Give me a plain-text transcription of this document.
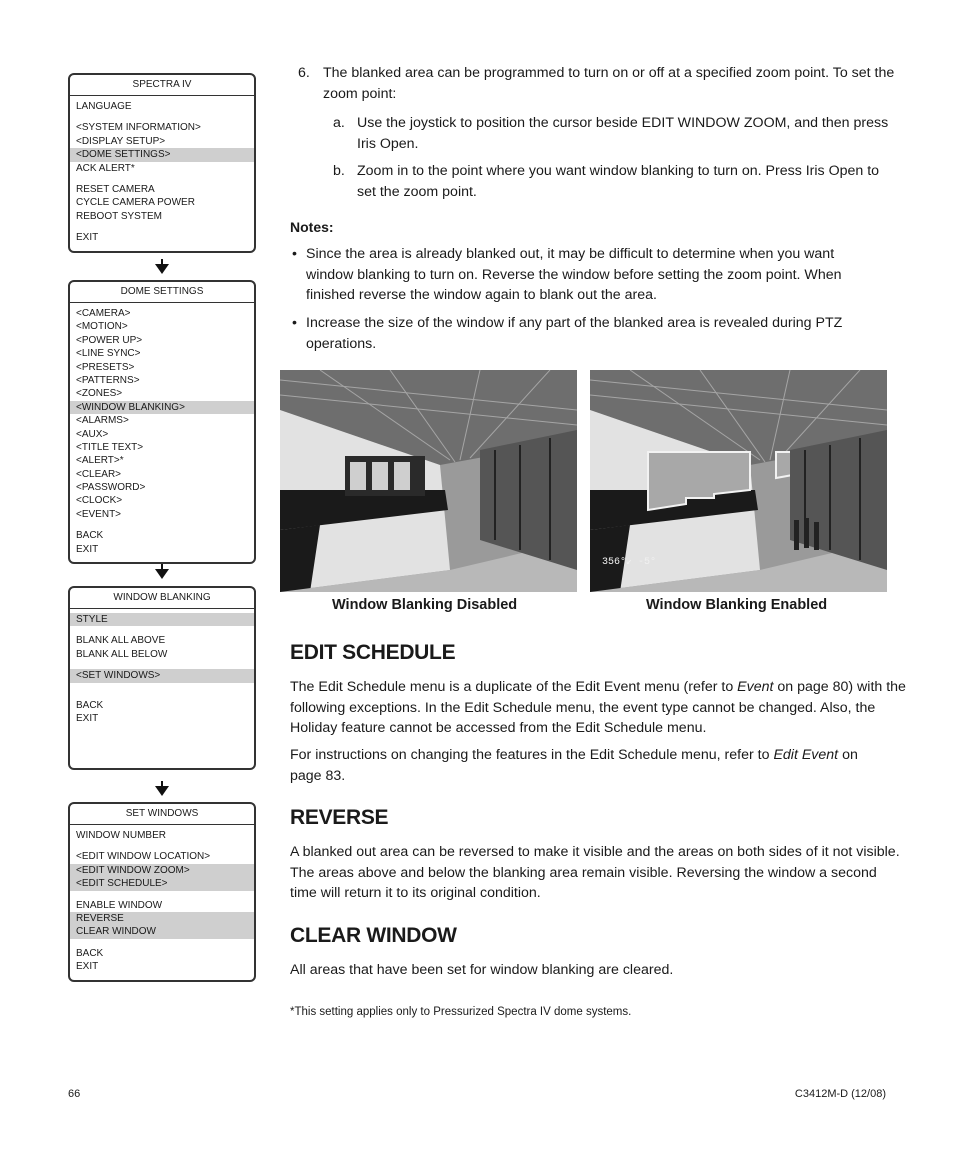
SPECTRA IV
LANGUAGE
<SYSTEM INFORMATION>
<DISPLAY SETUP>
<DOME SETTINGS>
ACK ALERT*
RESET CAMERA
CYCLE CAMERA POWER
REBOOT SYSTEM
EXIT
DOME SETTINGS
<CAMERA>
<MOTION>
<POWER UP>
<LINE SYNC>
<PRESETS>
<PATTERNS>
<ZONES>
<WINDOW BLANKING>
<ALARMS>
<AUX>
<TITLE TEXT>
<ALERT>*
<CLEAR>
<PASSWORD>
<CLOCK>
<EVENT>
BACK
EXIT
WINDOW BLANKING
STYLE
BLANK ALL ABOVE
BLANK ALL BELOW
<SET WINDOWS>
BACK
EXIT
SET WINDOWS
WINDOW NUMBER
<EDIT WINDOW LOCATION>
<EDIT WINDOW ZOOM>
<EDIT SCHEDULE>
ENABLE WINDOW
REVERSE
CLEAR WINDOW
BACK
EXIT
6. The blanked area can be programmed to turn on or off at a specified zoom point. To set the
zoom point:
a. Use the joystick to position the cursor beside EDIT WINDOW ZOOM, and then press
Iris Open.
b. Zoom in to the point where you want window blanking to turn on. Press Iris Open to
set the zoom point.
Notes:
• Since the area is already blanked out, it may be difficult to determine when you want
window blanking to turn on. Reverse the window before setting the zoom point. When
finished reverse the window again to blank out the area.
• Increase the size of the window if any part of the blanked area is revealed during PTZ
operations.
356°↙ -5°
Window Blanking Disabled	Window Blanking Enabled
EDIT SCHEDULE
The Edit Schedule menu is a duplicate of the Edit Event menu (refer to Event on page 80) with the
following exceptions. In the Edit Schedule menu, the event type cannot be changed. Also, the
Holiday feature cannot be accessed from the Edit Schedule menu.
For instructions on changing the features in the Edit Schedule menu, refer to Edit Event on
page 83.
REVERSE
A blanked out area can be reversed to make it visible and the areas on both sides of it not visible.
The areas above and below the blanking area remain visible. Reversing the window a second
time will return it to its original condition.
CLEAR WINDOW
All areas that have been set for window blanking are cleared.
*This setting applies only to Pressurized Spectra IV dome systems.
66	C3412M-D (12/08)
